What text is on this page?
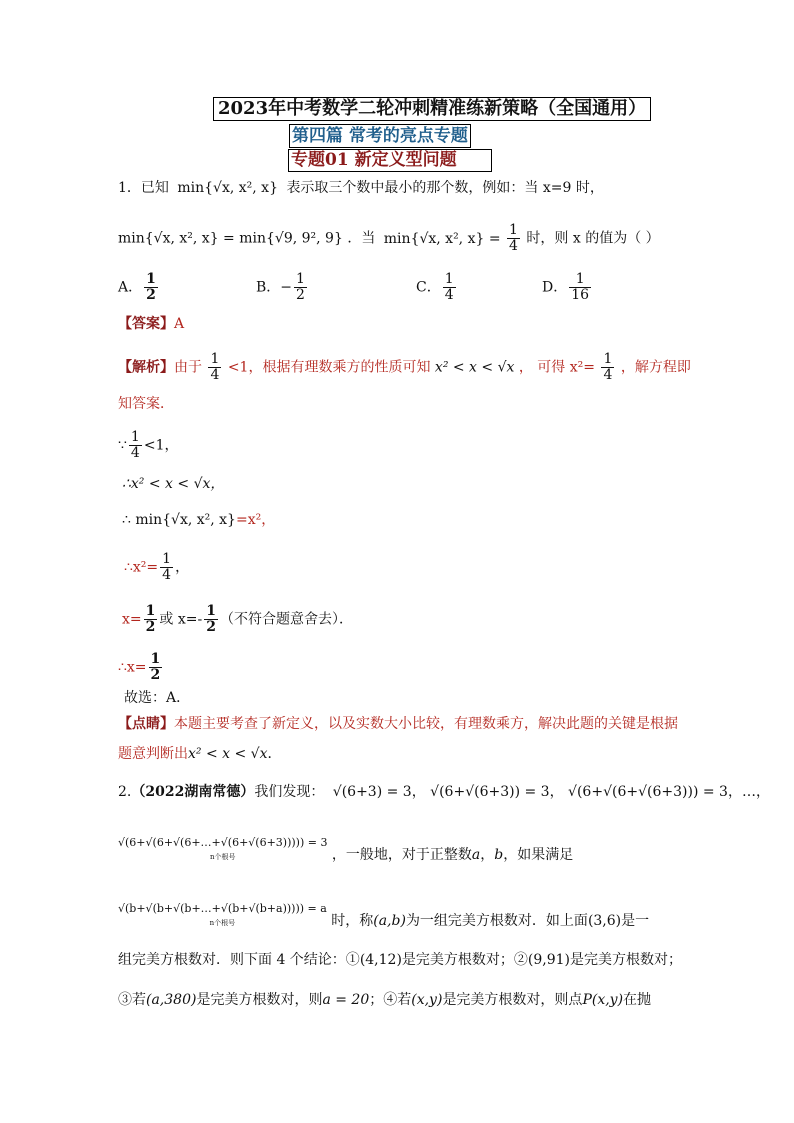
2023年中考数学二轮冲刺精准练新策略（全国通用）
第四篇 常考的亮点专题
专题01 新定义型问题
1．已知 min{√x, x², x} 表示取三个数中最小的那个数，例如：当 x=9 时，
min{√x, x², x} = min{√9, 9², 9} ．当 min{√x, x², $x\} = \frac{1}{4}$ 时，则 x 的值为（ ）
A． $\frac{1}{2}$	B．− $\frac{1}{2}$	C． $\frac{1}{4}$	D． $\frac{1}{16}$
【答案】A
【解析】由于 $\frac{1}{4} <1$，根据有理数乘方的性质可知 x² < x < √x ， 可得 $x^2= \frac{1}{4}$ ，解方程即
知答案．
∵ $\frac{1}{4} <1$，
∴x² < x < √x，
∴ min{√x, x², x}=x²，
∴x²= $\frac{1}{4}$ ，
$x= \frac{1}{2}$ 或 $x=- \frac{1}{2}$ （不符合题意舍去）．
∴x= $\frac{1}{2}$
故选：A．
【点睛】本题主要考查了新定义，以及实数大小比较，有理数乘方，解决此题的关键是根据
题意判断出x² < x < √x．
2.（2022湖南常德）我们发现： √(6+3) = 3， √(6+√(6+3)) = 3， √(6+√(6+√(6+3))) = 3，…，
√(6+√(6+√(6+…+√(6+√(6+3))))) = 3
n个根号	，一般地，对于正整数a，b，如果满足
√(b+√(b+√(b+…+√(b+√(b+a))))) = a
n个根号	时，称(a,b)为一组完美方根数对．如上面(3,6)是一
组完美方根数对．则下面 4 个结论：①(4,12)是完美方根数对；②(9,91)是完美方根数对；
③若(a,380)是完美方根数对，则a = 20；④若(x,y)是完美方根数对，则点P(x,y)在抛
